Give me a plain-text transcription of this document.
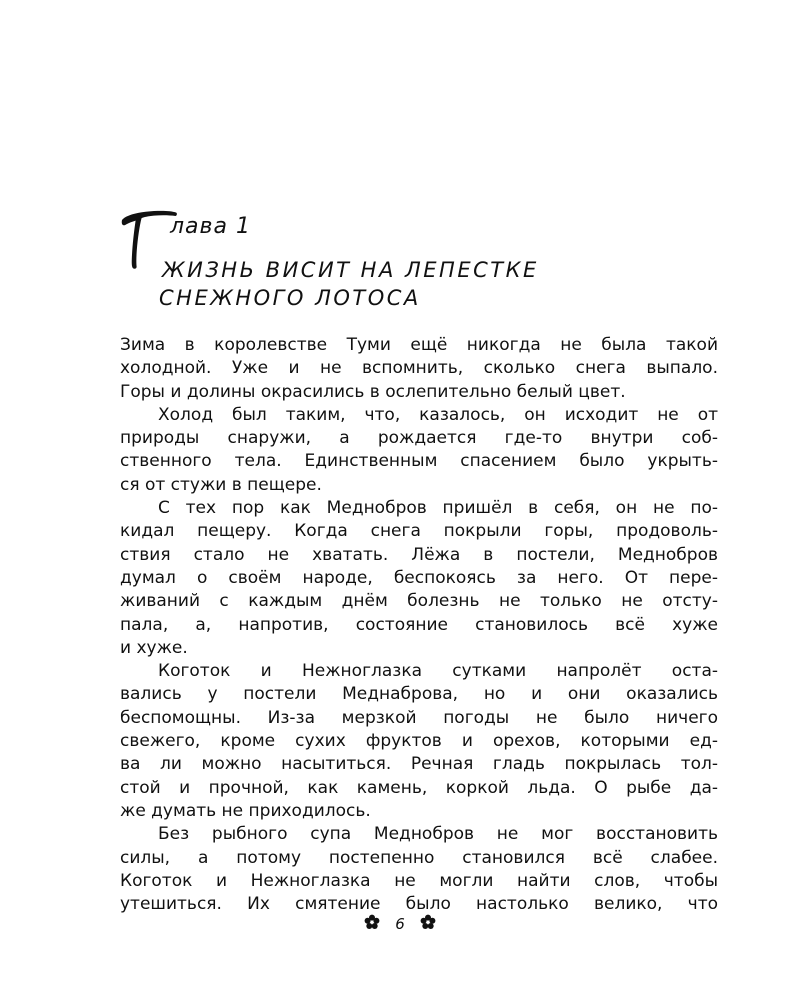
лава 1
ЖИЗНЬ ВИСИТ НА ЛЕПЕСТКЕ
СНЕЖНОГО ЛОТОСА
Зима в королевстве Туми ещё никогда не была такой
холодной. Уже и не вспомнить, сколько снега выпало.
Горы и долины окрасились в ослепительно белый цвет.
Холод был таким, что, казалось, он исходит не от
природы снаружи, а рождается где-то внутри соб-
ственного тела. Единственным спасением было укрыть-
ся от стужи в пещере.
С тех пор как Меднобров пришёл в себя, он не по-
кидал пещеру. Когда снега покрыли горы, продоволь-
ствия стало не хватать. Лёжа в постели, Меднобров
думал о своём народе, беспокоясь за него. От пере-
живаний с каждым днём болезнь не только не отсту-
пала, а, напротив, состояние становилось всё хуже
и хуже.
Коготок и Нежноглазка сутками напролёт оста-
вались у постели Меднаброва, но и они оказались
беспомощны. Из-за мерзкой погоды не было ничего
свежего, кроме сухих фруктов и орехов, которыми ед-
ва ли можно насытиться. Речная гладь покрылась тол-
стой и прочной, как камень, коркой льда. О рыбе да-
же думать не приходилось.
Без рыбного супа Меднобров не мог восстановить
силы, а потому постепенно становился всё слабее.
Коготок и Нежноглазка не могли найти слов, чтобы
утешиться. Их смятение было настолько велико, что
6
